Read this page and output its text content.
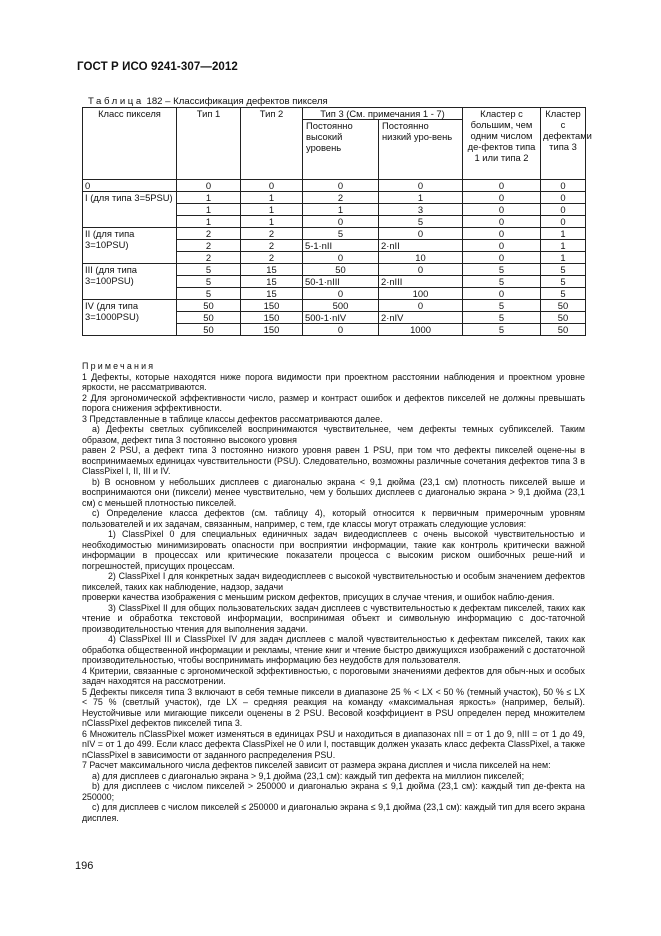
ГОСТ Р ИСО 9241-307—2012
Таблица 182 – Классификация дефектов пикселя
Класс пикселя	Тип 1	Тип 2	Тип 3 (См. примечания 1 - 7)		Кластер с большим, чем одним числом де-фектов типа 1 или типа 2	Кластер с дефектами типа 3
			Постоянно высокий уровень	Постоянно низкий уро-вень		
0	0	0	0	0	0	0
I (для типа 3=5PSU)	1	1	2	1	0	0
	1	1	1	3	0	0
	1	1	0	5	0	0
II (для типа 3=10PSU)	2	2	5	0	0	1
	2	2	5-1·nII	2·nII	0	1
	2	2	0	10	0	1
III (для типа 3=100PSU)	5	15	50	0	5	5
	5	15	50-1·nIII	2·nIII	5	5
	5	15	0	100	0	5
IV (для типа 3=1000PSU)	50	150	500	0	5	50
	50	150	500-1·nIV	2·nIV	5	50
	50	150	0	1000	5	50

Примечания

1 Дефекты, которые находятся ниже порога видимости при проектном расстоянии наблюдения и проектном уровне яркости, не рассматриваются.

2 Для эргономической эффективности число, размер и контраст ошибок и дефектов пикселей не должны превышать порога снижения эффективности.

3 Представленные в таблице классы дефектов рассматриваются далее.

а) Дефекты светлых субпикселей воспринимаются чувствительнее, чем дефекты темных субпикселей. Таким образом, дефект типа 3 постоянно высокого уровня

равен 2 PSU, а дефект типа 3 постоянно низкого уровня равен 1 PSU, при том что дефекты пикселей оцене-ны в воспринимаемых единицах чувствительности (PSU). Следовательно, возможны различные сочетания дефектов типа 3 в ClassPixel I, II, III и IV.

b) В основном у небольших дисплеев с диагональю экрана < 9,1 дюйма (23,1 см) плотность пикселей выше и воспринимаются они (пиксели) менее чувствительно, чем у больших дисплеев с диагональю экрана > 9,1 дюйма (23,1 см) с меньшей плотностью пикселей.

с) Определение класса дефектов (см. таблицу 4), который относится к первичным примерочным уровням пользователей и их задачам, связанным, например, с тем, где классы могут отражать следующие условия:

1) ClassPixel 0 для специальных единичных задач видеодисплеев с очень высокой чувствительностью и необходимостью минимизировать опасности при восприятии информации, такие как контроль критически важной информации в процессах или критические показатели процесса с высоким риском ошибочных реше-ний и погрешностей, присущих процессам.

2) ClassPixel I для конкретных задач видеодисплеев с высокой чувствительностью и особым значением дефектов пикселей, таких как наблюдение, надзор, задачи

проверки качества изображения с меньшим риском дефектов, присущих в случае чтения, и ошибок наблю-дения.

3) ClassPixel II для общих пользовательских задач дисплеев с чувствительностью к дефектам пикселей, таких как чтение и обработка текстовой информации, воспринимая объект и символьную информацию с дос-таточной производительностью чтения для выполнения задачи.

4) ClassPixel III и ClassPixel IV для задач дисплеев с малой чувствительностью к дефектам пикселей, таких как обработка общественной информации и рекламы, чтение книг и чтение быстро движущихся изображений с достаточной производительностью, чтобы воспринимать информацию без неудобств для пользователя.

4 Критерии, связанные с эргономической эффективностью, с пороговыми значениями дефектов для обыч-ных и особых задач находятся на рассмотрении.

5 Дефекты пикселя типа 3 включают в себя темные пиксели в диапазоне 25 % < LX < 50 % (темный участок), 50 % ≤ LX < 75 % (светлый участок), где LX – средняя реакция на команду «максимальная яркость» (например, белый). Неустойчивые или мигающие пиксели оценены в 2 PSU. Весовой коэффициент в PSU определен перед множителем nClassPixel дефектов пикселей типа 3.

6 Множитель nClassPixel может изменяться в единицах PSU и находиться в диапазонах nII = от 1 до 9, nIII = от 1 до 49, nIV = от 1 до 499. Если класс дефекта ClassPixel не 0 или I, поставщик должен указать класс дефекта ClassPixel, а также nClassPixel в зависимости от заданного распределения PSU.

7 Расчет максимального числа дефектов пикселей зависит от размера экрана дисплея и числа пикселей на нем:

а) для дисплеев с диагональю экрана > 9,1 дюйма (23,1 см): каждый тип дефекта на миллион пикселей;

b) для дисплеев с числом пикселей > 250000 и диагональю экрана ≤ 9,1 дюйма (23,1 см): каждый тип де-фекта на 250000;

c) для дисплеев с числом пикселей ≤ 250000 и диагональю экрана ≤ 9,1 дюйма (23,1 см): каждый тип для всего экрана дисплея.

196
